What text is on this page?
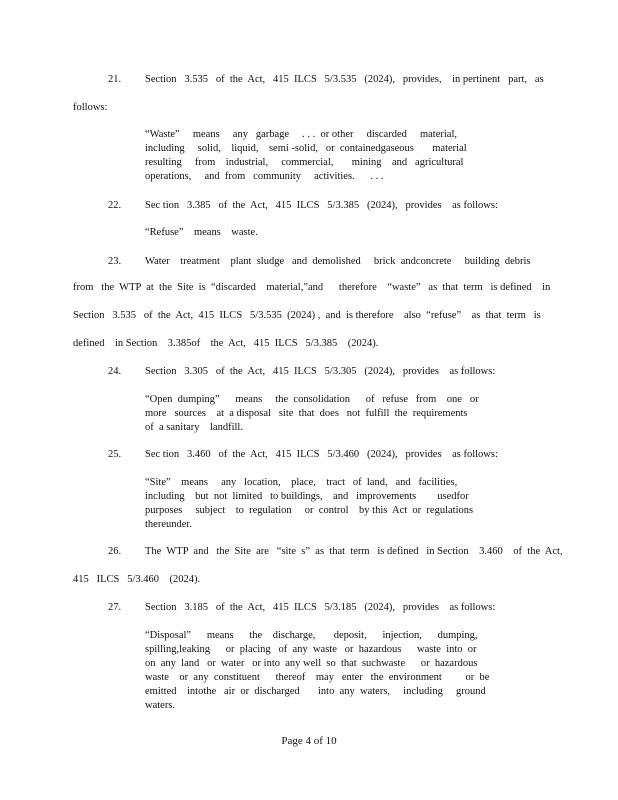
21. Section   3.535   of  the  Act,   415  ILCS   5/3.535   (2024),   provides,    in pertinent   part,   as
follows:
“Waste”     means     any   garbage     . . .  or other     discarded     material,
including     solid,    liquid,    semi -solid,   or  containedgaseous       material
resulting     from    industrial,     commercial,       mining    and   agricultural
operations,     and  from   community     activities.      . . .
22. Sec tion   3.385   of  the  Act,   415  ILCS   5/3.385   (2024),   provides    as follows:
“Refuse”    means    waste.
23. Water    treatment    plant  sludge   and  demolished     brick  andconcrete     building  debris
from   the  WTP  at  the  Site  is  “discarded    material,”and      therefore    “waste”   as  that  term   is defined    in
Section   3.535   of  the  Act,  415  ILCS   5/3.535  (2024) ,  and  is therefore    also  “refuse”    as  that  term   is
defined    in Section    3.385of    the  Act,   415  ILCS   5/3.385    (2024).
24. Section   3.305   of  the  Act,   415  ILCS   5/3.305   (2024),   provides    as follows:
“Open  dumping”      means     the  consolidation      of   refuse   from    one   or
more   sources    at  a disposal   site  that  does   not  fulfill  the  requirements
of  a sanitary    landfill.
25. Sec tion   3.460   of  the  Act,   415  ILCS   5/3.460   (2024),   provides    as follows:
“Site”    means     any   location,    place,    tract   of  land,   and   facilities,
including    but  not  limited   to buildings,    and   improvements        usedfor
purposes     subject    to  regulation     or  control    by this  Act  or  regulations
thereunder.
26. The  WTP  and   the  Site  are   “site  s”  as  that  term   is defined   in Section    3.460    of  the  Act,
415   ILCS   5/3.460    (2024).
27. Section   3.185   of  the  Act,   415  ILCS   5/3.185   (2024),   provides    as follows:
“Disposal”      means      the    discharge,       deposit,      injection,      dumping,
spilling,leaking      or  placing   of  any  waste   or  hazardous      waste  into  or
on  any  land   or  water   or into  any well  so  that  suchwaste      or  hazardous
waste    or  any  constituent      thereof    may   enter   the  environment         or  be
emitted    intothe   air  or  discharged       into  any  waters,     including     ground
waters.
Page 4 of 10
